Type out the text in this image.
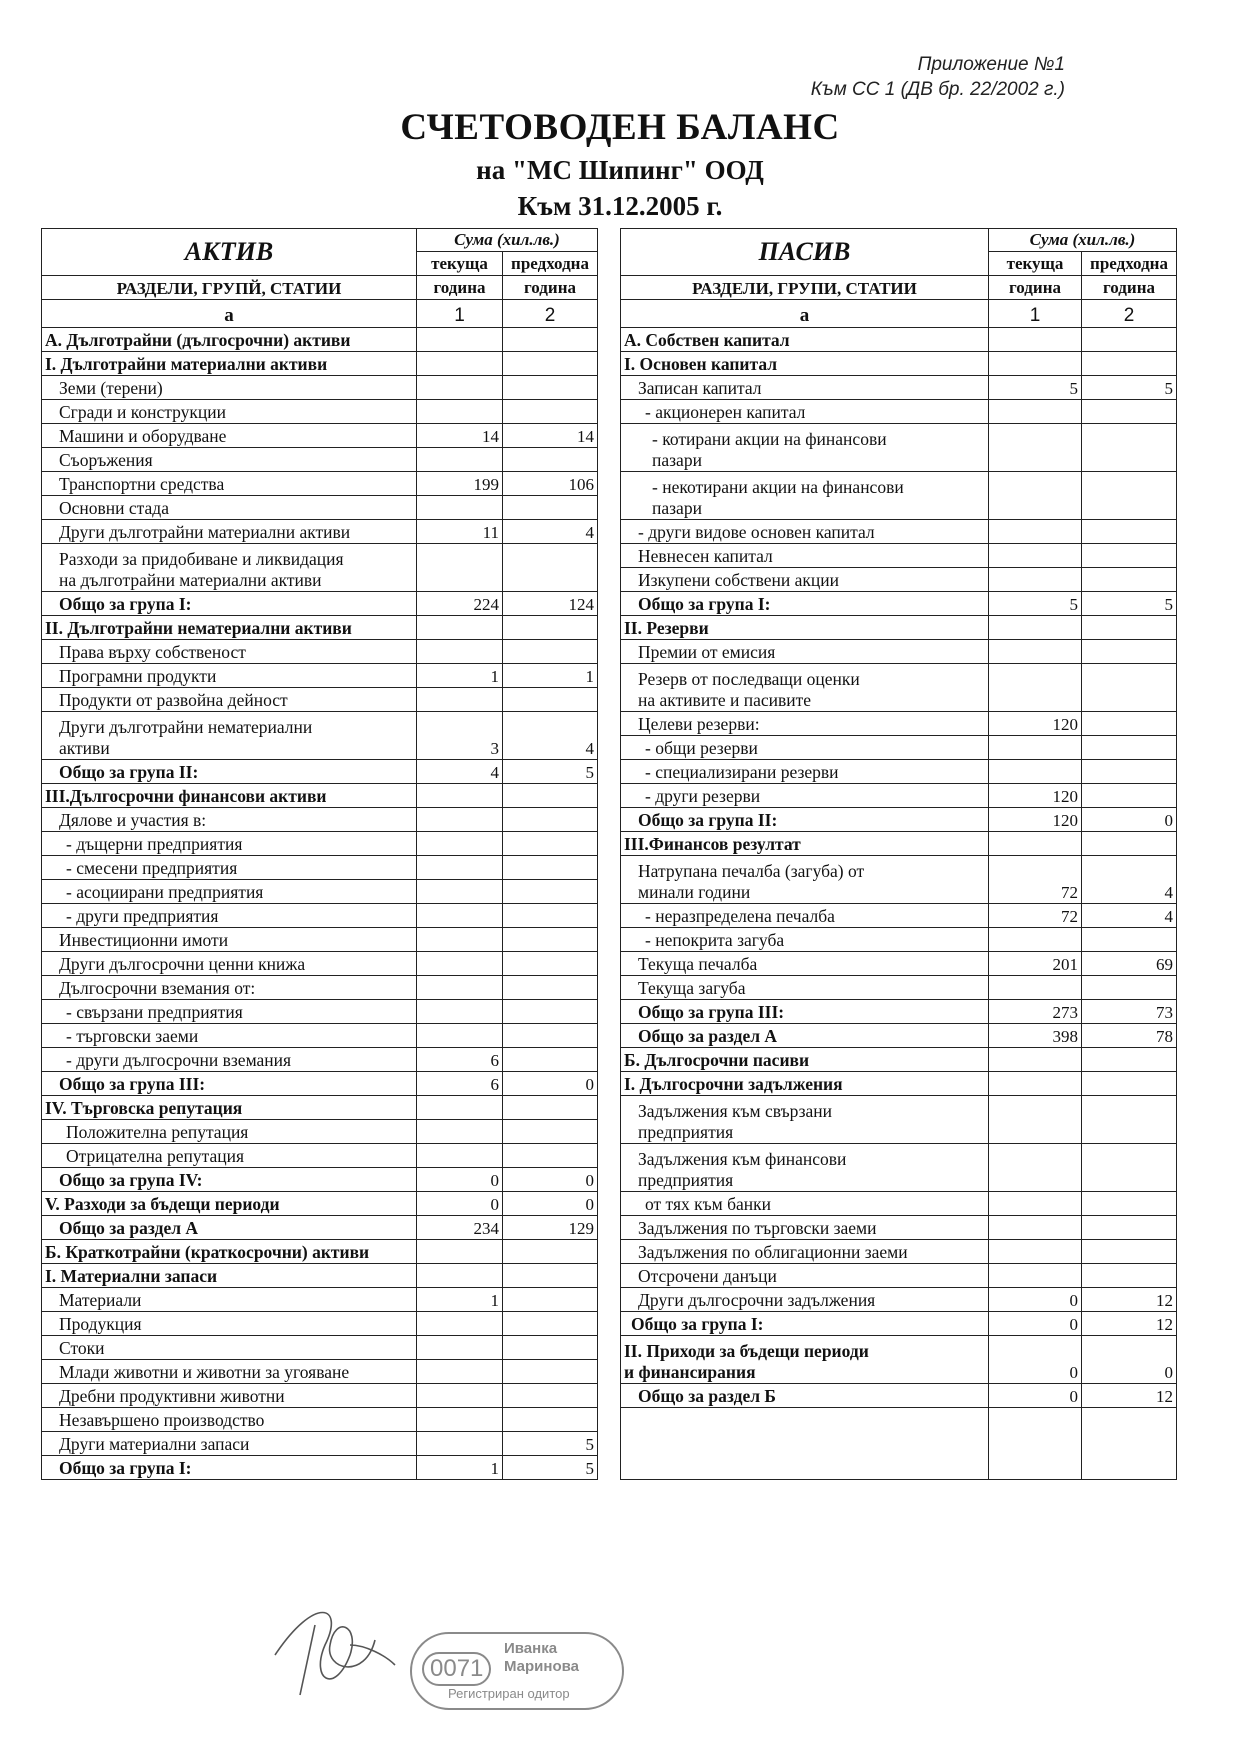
Приложение №1
Към СС 1 (ДВ бр. 22/2002 г.)
СЧЕТОВОДЕН БАЛАНС
на "МС Шипинг" ООД
Към 31.12.2005 г.
АКТИВ	Сума (хил.лв.)	
	текуща	предходна
РАЗДЕЛИ, ГРУПЙ, СТАТИИ	година	година
а	1	2

А. Дълготрайни (дългосрочни) активи		

I. Дълготрайни материални активи		

Земи (терени)		

Сгради и конструкции		

Машини и оборудване	14	14

Съоръжения		

Транспортни средства	199	106

Основни стада		

Други дълготрайни материални активи	11	4

Разходи за придобиване и ликвидация
на дълготрайни материални активи		

Общо за група I:	224	124

II. Дълготрайни нематериални активи		

Права върху собственост		

Програмни продукти	1	1

Продукти от развойна дейност		

Други дълготрайни нематериални
активи	3	4

Общо за група II:	4	5

III.Дългосрочни финансови активи		

Дялове и участия в:		

- дъщерни предприятия		

- смесени предприятия		

- асоциирани предприятия		

- други предприятия		

Инвестиционни имоти		

Други дългосрочни ценни книжа		

Дългосрочни вземания от:		

- свързани предприятия		

- търговски заеми		

- други дългосрочни вземания	6	

Общо за група III:	6	0

IV. Търговска репутация		

Положителна репутация		

Отрицателна репутация		

Общо за група IV:	0	0

V. Разходи за бъдещи периоди	0	0

Общо за раздел А	234	129

Б. Краткотрайни (краткосрочни) активи		

I. Материални запаси		

Материали	1	

Продукция		

Стоки		

Млади животни и животни за угояване		

Дребни продуктивни животни		

Незавършено производство		

Други материални запаси		5

Общо за група I:	1	5
ПАСИВ	Сума (хил.лв.)	
	текуща	предходна
РАЗДЕЛИ, ГРУПИ, СТАТИИ	година	година
а	1	2

А. Собствен капитал		

I. Основен капитал		

Записан капитал	5	5

- акционерен капитал		

- котирани акции на финансови
пазари		

- некотирани акции на финансови
пазари		

- други видове основен капитал		

Невнесен капитал		

Изкупени собствени акции		

Общо за група I:	5	5

II. Резерви		

Премии от емисия		

Резерв от последващи оценки
на активите и пасивите		

Целеви резерви:	120	

- общи резерви		

- специализирани резерви		

- други резерви	120	

Общо за група II:	120	0

III.Финансов резултат		

Натрупана печалба (загуба) от
минали години	72	4

- неразпределена печалба	72	4

- непокрита загуба		

Текуща печалба	201	69

Текуща загуба		

Общо за група III:	273	73

Общо за раздел А	398	78

Б. Дългосрочни пасиви		

I. Дългосрочни задължения		

Задължения към свързани
предприятия		

Задължения към финансови
предприятия		

от тях към банки		

Задължения по търговски заеми		

Задължения по облигационни заеми		

Отсрочени данъци		

Други дългосрочни задължения	0	12

Общо за група I:	0	12

II. Приходи за бъдещи периоди
и финансирания	0	0

Общо за раздел Б	0	12

0071
Иванка
Маринова
Регистриран одитор
